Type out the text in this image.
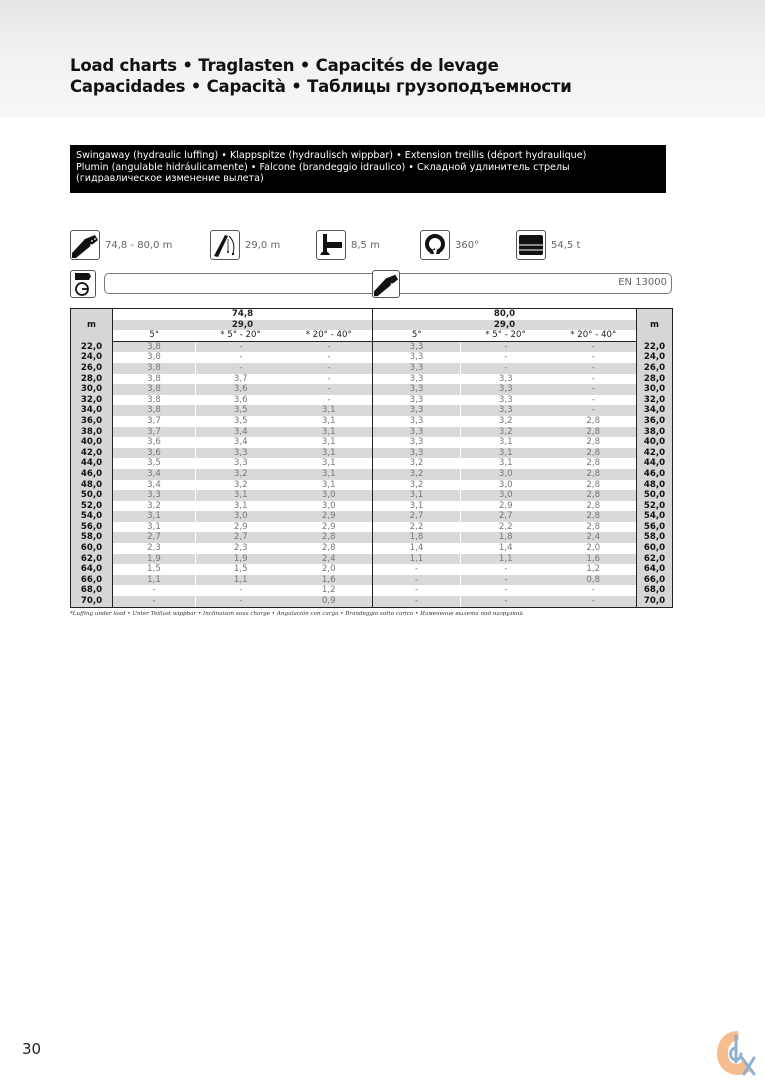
Load charts • Traglasten • Capacités de levage
Capacidades • Capacità • Таблицы грузоподъемности
Swingaway (hydraulic luffing) • Klappspitze (hydraulisch wippbar) • Extension treillis (déport hydraulique)
Plumin (angulable hidráulicamente) • Falcone (brandeggio idraulico) • Складной удлинитель стрелы
(гидравлическое изменение вылета)
74,8 - 80,0 m	29,0 m	8,5 m	360°	54,5 t
EN 13000
m	74,8			80,0			m
	29,0			29,0			
	5°	* 5° - 20°	* 20° - 40°	5°	* 5° - 20°	* 20° - 40°	
22,0	3,8	-	-	3,3	-	-	22,0
24,0	3,8	-	-	3,3	-	-	24,0
26,0	3,8	-	-	3,3	-	-	26,0
28,0	3,8	3,7	-	3,3	3,3	-	28,0
30,0	3,8	3,6	-	3,3	3,3	-	30,0
32,0	3,8	3,6	-	3,3	3,3	-	32,0
34,0	3,8	3,5	3,1	3,3	3,3	-	34,0
36,0	3,7	3,5	3,1	3,3	3,2	2,8	36,0
38,0	3,7	3,4	3,1	3,3	3,2	2,8	38,0
40,0	3,6	3,4	3,1	3,3	3,1	2,8	40,0
42,0	3,6	3,3	3,1	3,3	3,1	2,8	42,0
44,0	3,5	3,3	3,1	3,2	3,1	2,8	44,0
46,0	3,4	3,2	3,1	3,2	3,0	2,8	46,0
48,0	3,4	3,2	3,1	3,2	3,0	2,8	48,0
50,0	3,3	3,1	3,0	3,1	3,0	2,8	50,0
52,0	3,2	3,1	3,0	3,1	2,9	2,8	52,0
54,0	3,1	3,0	2,9	2,7	2,7	2,8	54,0
56,0	3,1	2,9	2,9	2,2	2,2	2,8	56,0
58,0	2,7	2,7	2,8	1,8	1,8	2,4	58,0
60,0	2,3	2,3	2,8	1,4	1,4	2,0	60,0
62,0	1,9	1,9	2,4	1,1	1,1	1,6	62,0
64,0	1,5	1,5	2,0	-	-	1,2	64,0
66,0	1,1	1,1	1,6	-	-	0,8	66,0
68,0	-	-	1,2	-	-	-	68,0
70,0	-	-	0,9	-	-	-	70,0
*Luffing under load • Unter Teillast wippbar • Inclinaison sous charge • Angulación con carga • Brandeggio sotto carico • Изменение вылета под нагрузкой
30
